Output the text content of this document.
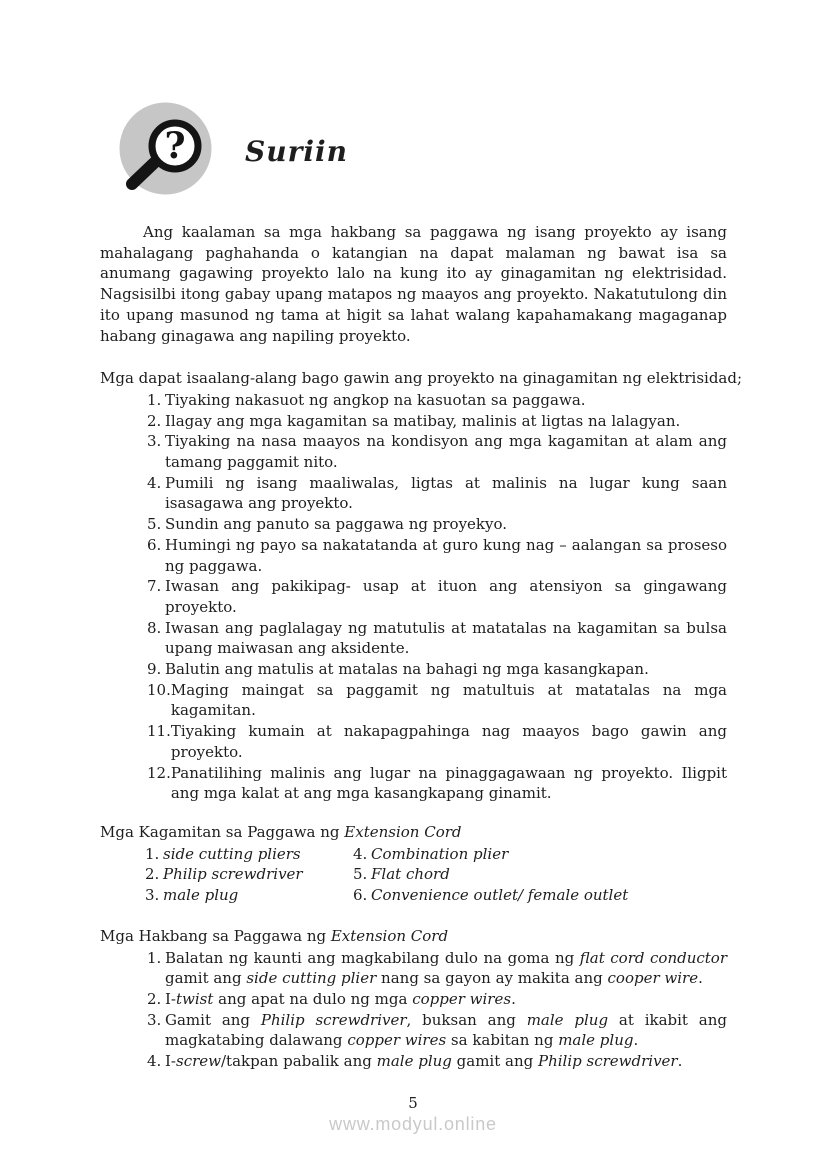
? Suriin

Ang kaalaman sa mga hakbang sa paggawa ng isang proyekto ay isang mahalagang paghahanda o katangian na dapat malaman ng bawat isa sa anumang gagawing proyekto lalo na kung ito ay ginagamitan ng elektrisidad. Nagsisilbi itong gabay upang matapos ng maayos ang proyekto. Nakatutulong din ito upang masunod ng tama at higit sa lahat walang kapahamakang magaganap habang ginagawa ang napiling proyekto.

Mga dapat isaalang-alang bago gawin ang proyekto na ginagamitan ng elektrisidad;
1. Tiyaking nakasuot ng angkop na kasuotan sa paggawa.
2. Ilagay ang mga kagamitan sa matibay, malinis at ligtas na lalagyan.
3. Tiyaking na nasa maayos na kondisyon ang mga kagamitan at alam ang tamang paggamit nito.
4. Pumili ng isang maaliwalas, ligtas at malinis na lugar kung saan isasagawa ang proyekto.
5. Sundin ang panuto sa paggawa ng proyekyo.
6. Humingi ng payo sa nakatatanda at guro kung nag – aalangan sa proseso ng paggawa.
7. Iwasan ang pakikipag- usap at ituon ang atensiyon sa gingawang proyekto.
8. Iwasan ang paglalagay ng matutulis at matatalas na kagamitan sa bulsa upang maiwasan ang aksidente.
9. Balutin ang matulis at matalas na bahagi ng mga kasangkapan.
10. Maging maingat sa paggamit ng matultuis at matatalas na mga kagamitan.
11. Tiyaking kumain at nakapagpahinga nag maayos bago gawin ang proyekto.
12. Panatilihing malinis ang lugar na pinaggagawaan ng proyekto. Iligpit ang mga kalat at ang mga kasangkapang ginamit.
Mga Kagamitan sa Paggawa ng Extension Cord
1. side cutting pliers
2. Philip screwdriver
3. male plug
4. Combination plier
5. Flat chord
6. Convenience outlet/ female outlet
Mga Hakbang sa Paggawa ng Extension Cord
1. Balatan ng kaunti ang magkabilang dulo na goma ng flat cord conductor gamit ang side cutting plier nang sa gayon ay makita ang cooper wire.
2. I-twist ang apat na dulo ng mga copper wires.
3. Gamit ang Philip screwdriver, buksan ang male plug at ikabit ang magkatabing dalawang copper wires sa kabitan ng male plug.
4. I-screw/takpan pabalik ang male plug gamit ang Philip screwdriver.
5
www.modyul.online
